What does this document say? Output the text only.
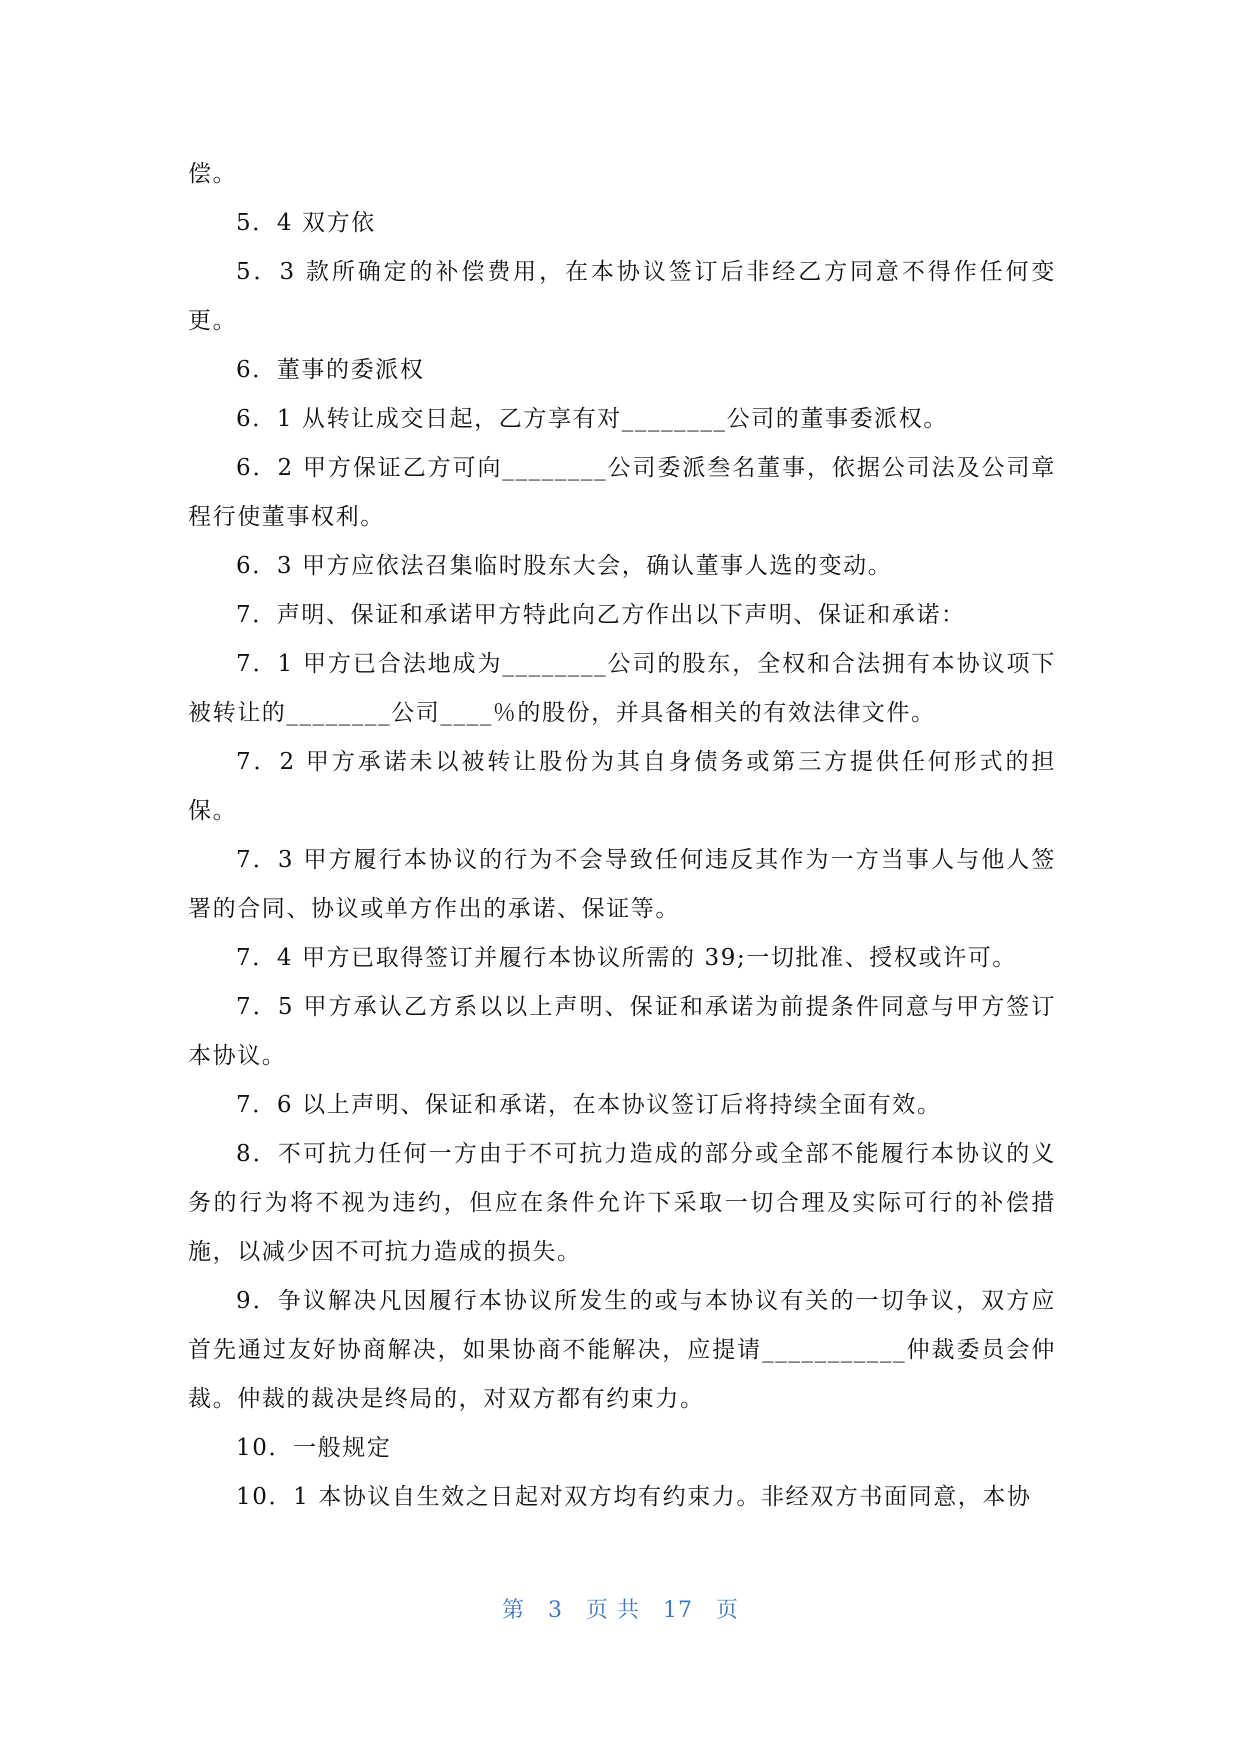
偿。

5．4 双方依

5．3 款所确定的补偿费用，在本协议签订后非经乙方同意不得作任何变更。

6．董事的委派权

6．1 从转让成交日起，乙方享有对________公司的董事委派权。

6．2 甲方保证乙方可向________公司委派叁名董事，依据公司法及公司章程行使董事权利。

6．3 甲方应依法召集临时股东大会，确认董事人选的变动。

7．声明、保证和承诺甲方特此向乙方作出以下声明、保证和承诺：

7．1 甲方已合法地成为________公司的股东，全权和合法拥有本协议项下被转让的________公司____％的股份，并具备相关的有效法律文件。

7．2 甲方承诺未以被转让股份为其自身债务或第三方提供任何形式的担保。

7．3 甲方履行本协议的行为不会导致任何违反其作为一方当事人与他人签署的合同、协议或单方作出的承诺、保证等。

7．4 甲方已取得签订并履行本协议所需的 39;一切批准、授权或许可。

7．5 甲方承认乙方系以以上声明、保证和承诺为前提条件同意与甲方签订本协议。

7．6 以上声明、保证和承诺，在本协议签订后将持续全面有效。

8．不可抗力任何一方由于不可抗力造成的部分或全部不能履行本协议的义务的行为将不视为违约，但应在条件允许下采取一切合理及实际可行的补偿措施，以减少因不可抗力造成的损失。

9．争议解决凡因履行本协议所发生的或与本协议有关的一切争议，双方应首先通过友好协商解决，如果协商不能解决，应提请___________仲裁委员会仲裁。仲裁的裁决是终局的，对双方都有约束力。

10．一般规定

10．1 本协议自生效之日起对双方均有约束力。非经双方书面同意，本协

第 3 页 共 17 页
